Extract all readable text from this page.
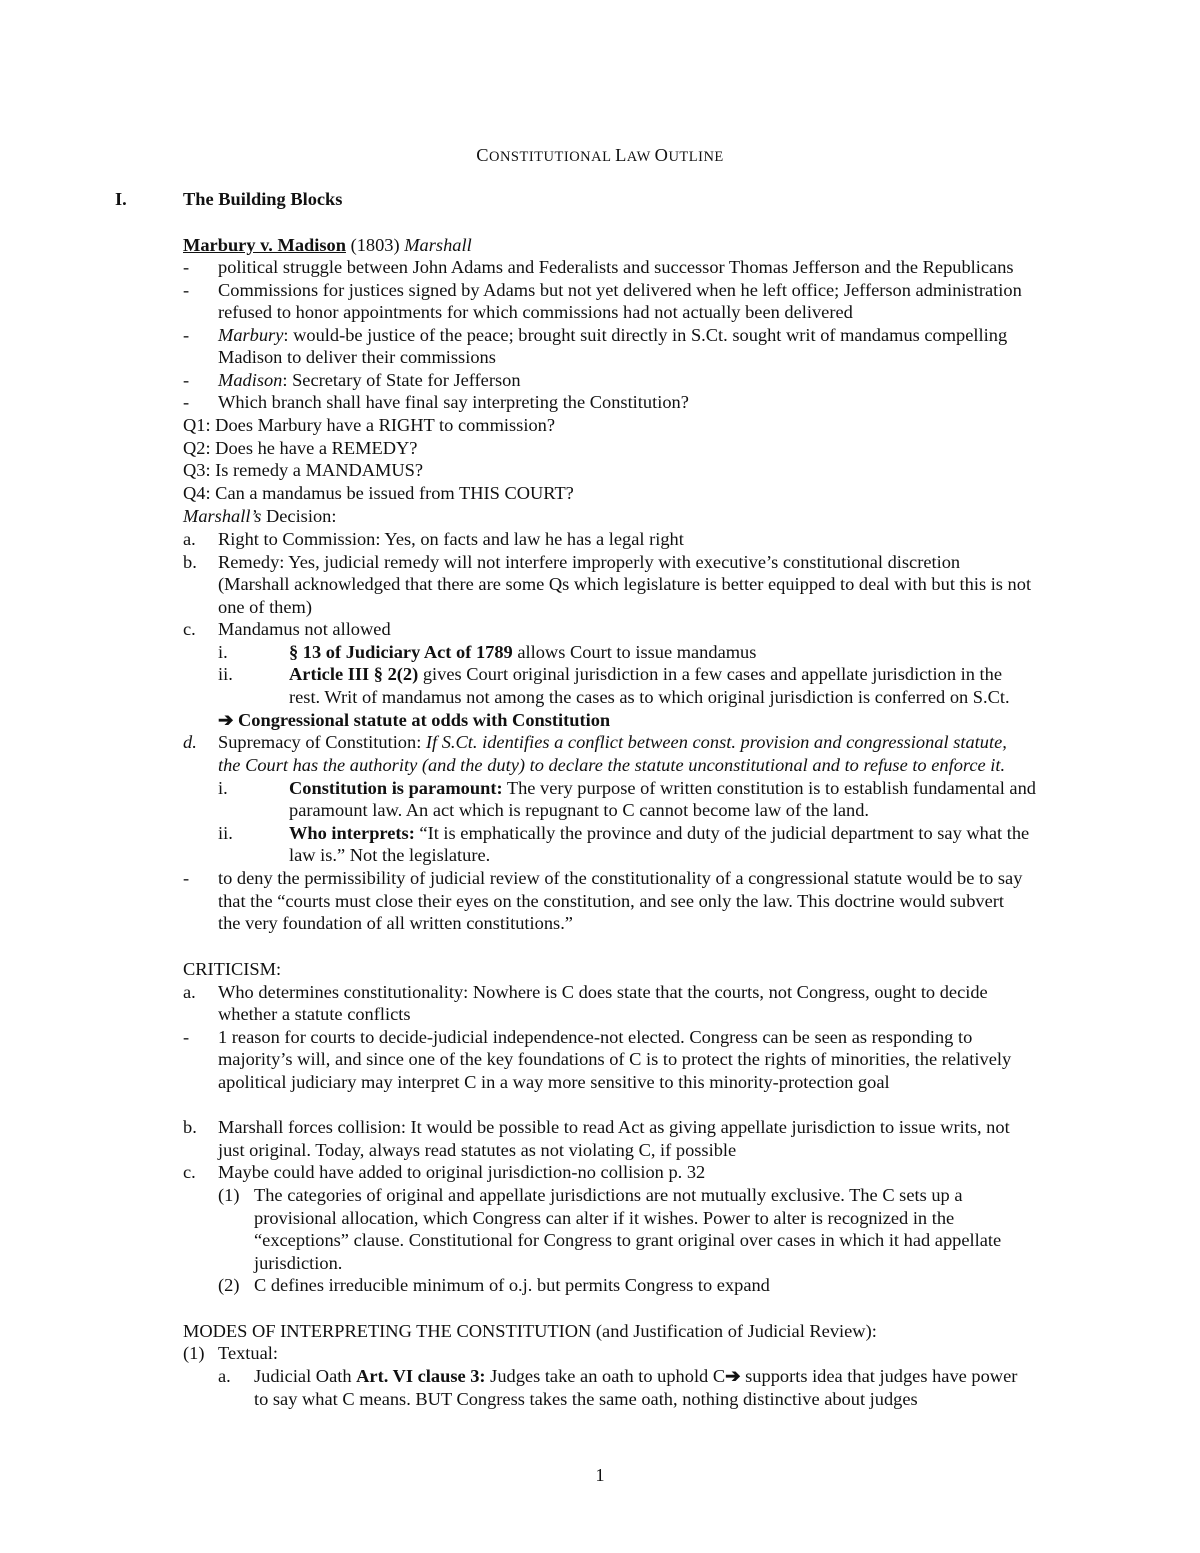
CONSTITUTIONAL LAW OUTLINE
I.	The Building Blocks
Marbury v. Madison (1803) Marshall
- political struggle between John Adams and Federalists and successor Thomas Jefferson and the Republicans
- Commissions for justices signed by Adams but not yet delivered when he left office; Jefferson administration
refused to honor appointments for which commissions had not actually been delivered
- Marbury: would-be justice of the peace; brought suit directly in S.Ct. sought writ of mandamus compelling
Madison to deliver their commissions
- Madison: Secretary of State for Jefferson
- Which branch shall have final say interpreting the Constitution?
Q1: Does Marbury have a RIGHT to commission?
Q2: Does he have a REMEDY?
Q3: Is remedy a MANDAMUS?
Q4: Can a mandamus be issued from THIS COURT?
Marshall’s Decision:
a. Right to Commission: Yes, on facts and law he has a legal right
b. Remedy: Yes, judicial remedy will not interfere improperly with executive’s constitutional discretion
(Marshall acknowledged that there are some Qs which legislature is better equipped to deal with but this is not
one of them)
c. Mandamus not allowed
i.	§ 13 of Judiciary Act of 1789 allows Court to issue mandamus
ii.	Article III § 2(2) gives Court original jurisdiction in a few cases and appellate jurisdiction in the
rest. Writ of mandamus not among the cases as to which original jurisdiction is conferred on S.Ct.
➔ Congressional statute at odds with Constitution
d. Supremacy of Constitution: If S.Ct. identifies a conflict between const. provision and congressional statute,
the Court has the authority (and the duty) to declare the statute unconstitutional and to refuse to enforce it.
i.	Constitution is paramount: The very purpose of written constitution is to establish fundamental and
paramount law. An act which is repugnant to C cannot become law of the land.
ii.	Who interprets: “It is emphatically the province and duty of the judicial department to say what the
law is.” Not the legislature.
- to deny the permissibility of judicial review of the constitutionality of a congressional statute would be to say
that the “courts must close their eyes on the constitution, and see only the law. This doctrine would subvert
the very foundation of all written constitutions.”
CRITICISM:
a. Who determines constitutionality: Nowhere is C does state that the courts, not Congress, ought to decide
whether a statute conflicts
- 1 reason for courts to decide-judicial independence-not elected. Congress can be seen as responding to
majority’s will, and since one of the key foundations of C is to protect the rights of minorities, the relatively
apolitical judiciary may interpret C in a way more sensitive to this minority-protection goal
b. Marshall forces collision: It would be possible to read Act as giving appellate jurisdiction to issue writs, not
just original. Today, always read statutes as not violating C, if possible
c. Maybe could have added to original jurisdiction-no collision p. 32
(1) The categories of original and appellate jurisdictions are not mutually exclusive. The C sets up a
provisional allocation, which Congress can alter if it wishes. Power to alter is recognized in the
“exceptions” clause. Constitutional for Congress to grant original over cases in which it had appellate
jurisdiction.
(2) C defines irreducible minimum of o.j. but permits Congress to expand
MODES OF INTERPRETING THE CONSTITUTION (and Justification of Judicial Review):
(1) Textual:
a. Judicial Oath Art. VI clause 3: Judges take an oath to uphold C➔ supports idea that judges have power
to say what C means. BUT Congress takes the same oath, nothing distinctive about judges
1
